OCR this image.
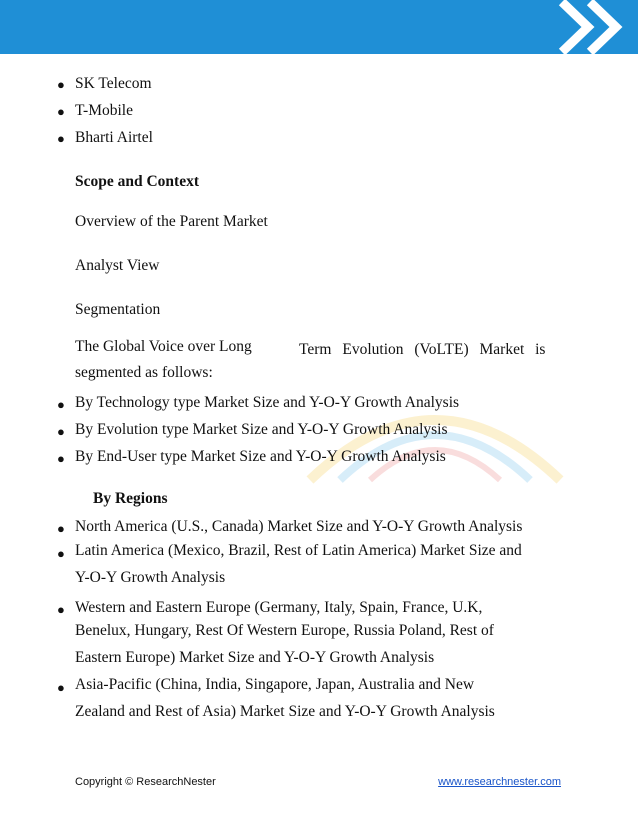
● SK Telecom
● T-Mobile
● Bharti Airtel
Scope and Context
Overview of the Parent Market
Analyst View
Segmentation
The Global Voice over Long	Term Evolution (VoLTE) Market is
segmented as follows:
● By Technology type Market Size and Y-O-Y Growth Analysis
● By Evolution type Market Size and Y-O-Y Growth Analysis
● By End-User type Market Size and Y-O-Y Growth Analysis
By Regions
● North America (U.S., Canada) Market Size and Y-O-Y Growth Analysis
● Latin America (Mexico, Brazil, Rest of Latin America) Market Size and
Y-O-Y Growth Analysis
● Western and Eastern Europe (Germany, Italy, Spain, France, U.K,
Benelux, Hungary, Rest Of Western Europe, Russia Poland, Rest of
Eastern Europe) Market Size and Y-O-Y Growth Analysis
● Asia-Pacific (China, India, Singapore, Japan, Australia and New
Zealand and Rest of Asia) Market Size and Y-O-Y Growth Analysis
Copyright © ResearchNester	www.researchnester.com
